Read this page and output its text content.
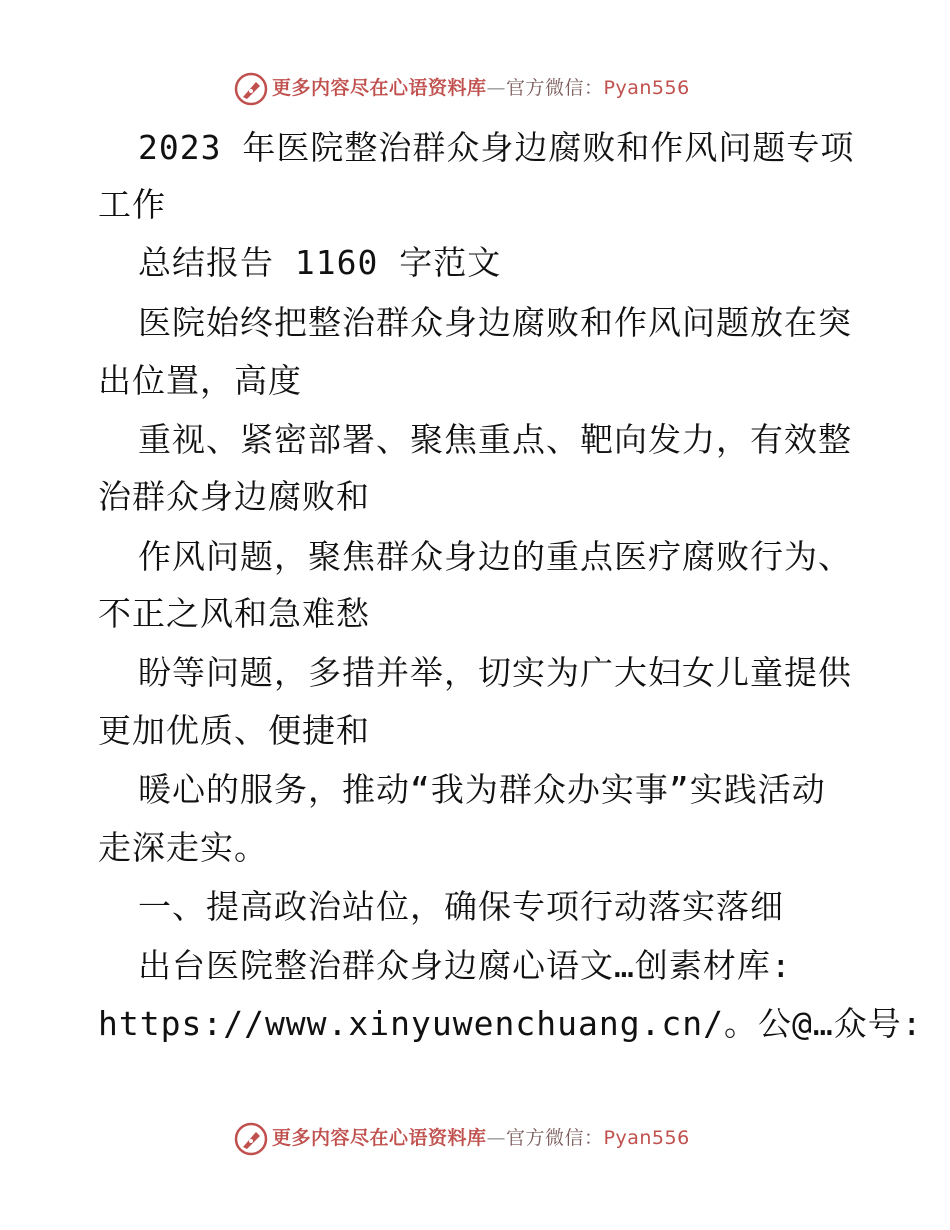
更多内容尽在心语资料库—官方微信：Pyan556
2023 年医院整治群众身边腐败和作风问题专项
工作
总结报告 1160 字范文
医院始终把整治群众身边腐败和作风问题放在突
出位置，高度
重视、紧密部署、聚焦重点、靶向发力，有效整
治群众身边腐败和
作风问题，聚焦群众身边的重点医疗腐败行为、
不正之风和急难愁
盼等问题，多措并举，切实为广大妇女儿童提供
更加优质、便捷和
暖心的服务，推动“我为群众办实事”实践活动
走深走实。
一、提高政治站位，确保专项行动落实落细
出台医院整治群众身边腐心语文…创素材库:
https://www.xinyuwenchuang.cn/。公@…众号:
更多内容尽在心语资料库—官方微信：Pyan556
